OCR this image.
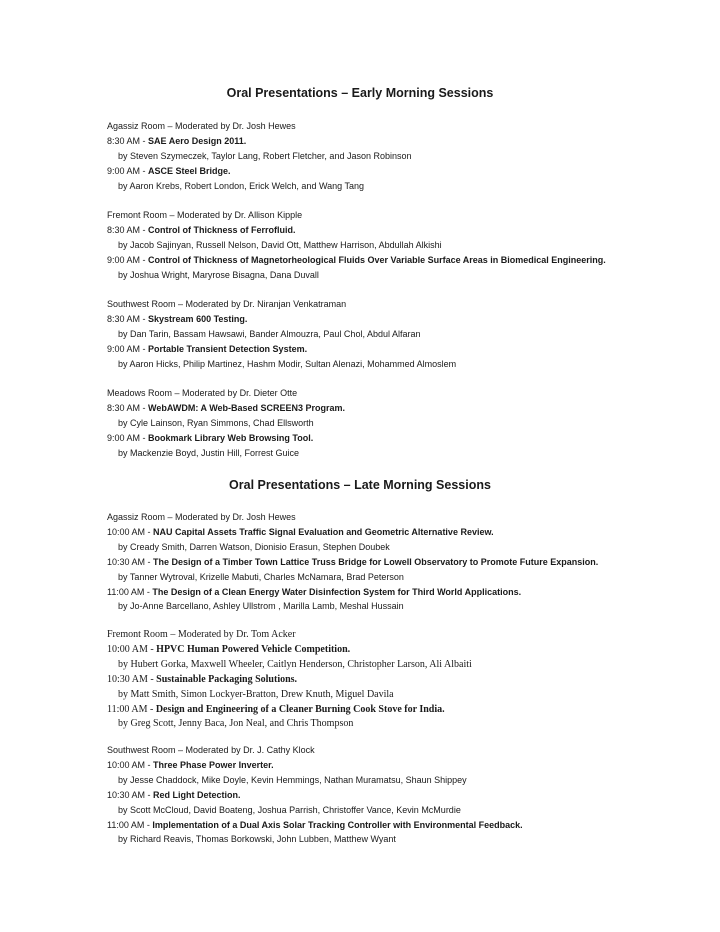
Oral Presentations – Early Morning Sessions
Agassiz Room – Moderated by Dr. Josh Hewes
8:30 AM - SAE Aero Design 2011.
by Steven Szymeczek, Taylor Lang, Robert Fletcher, and Jason Robinson
9:00 AM - ASCE Steel Bridge.
by Aaron Krebs, Robert London, Erick Welch, and Wang Tang
Fremont Room – Moderated by Dr. Allison Kipple
8:30 AM - Control of Thickness of Ferrofluid.
by Jacob Sajinyan, Russell Nelson, David Ott, Matthew Harrison, Abdullah Alkishi
9:00 AM - Control of Thickness of Magnetorheological Fluids Over Variable Surface Areas in Biomedical Engineering.
by Joshua Wright, Maryrose Bisagna, Dana Duvall
Southwest Room – Moderated by Dr. Niranjan Venkatraman
8:30 AM - Skystream 600 Testing.
by Dan Tarin, Bassam Hawsawi, Bander Almouzra, Paul Chol, Abdul Alfaran
9:00 AM - Portable Transient Detection System.
by Aaron Hicks, Philip Martinez, Hashm Modir, Sultan Alenazi, Mohammed Almoslem
Meadows Room – Moderated by Dr. Dieter Otte
8:30 AM - WebAWDM: A Web-Based SCREEN3 Program.
by Cyle Lainson, Ryan Simmons, Chad Ellsworth
9:00 AM - Bookmark Library Web Browsing Tool.
by Mackenzie Boyd, Justin Hill, Forrest Guice
Oral Presentations – Late Morning Sessions
Agassiz Room – Moderated by Dr. Josh Hewes
10:00 AM - NAU Capital Assets Traffic Signal Evaluation and Geometric Alternative Review.
by Cready Smith, Darren Watson, Dionisio Erasun, Stephen Doubek
10:30 AM - The Design of a Timber Town Lattice Truss Bridge for Lowell Observatory to Promote Future Expansion.
by Tanner Wytroval, Krizelle Mabuti, Charles McNamara, Brad Peterson
11:00 AM - The Design of a Clean Energy Water Disinfection System for Third World Applications.
by Jo-Anne Barcellano, Ashley Ullstrom , Marilla Lamb, Meshal Hussain
Fremont Room – Moderated by Dr. Tom Acker
10:00 AM - HPVC Human Powered Vehicle Competition.
by Hubert Gorka, Maxwell Wheeler, Caitlyn Henderson, Christopher Larson, Ali Albaiti
10:30 AM - Sustainable Packaging Solutions.
by Matt Smith, Simon Lockyer-Bratton, Drew Knuth, Miguel Davila
11:00 AM - Design and Engineering of a Cleaner Burning Cook Stove for India.
by Greg Scott, Jenny Baca, Jon Neal, and Chris Thompson
Southwest Room – Moderated by Dr. J. Cathy Klock
10:00 AM - Three Phase Power Inverter.
by Jesse Chaddock, Mike Doyle, Kevin Hemmings, Nathan Muramatsu, Shaun Shippey
10:30 AM - Red Light Detection.
by Scott McCloud, David Boateng, Joshua Parrish, Christoffer Vance, Kevin McMurdie
11:00 AM - Implementation of a Dual Axis Solar Tracking Controller with Environmental Feedback.
by Richard Reavis, Thomas Borkowski, John Lubben, Matthew Wyant
